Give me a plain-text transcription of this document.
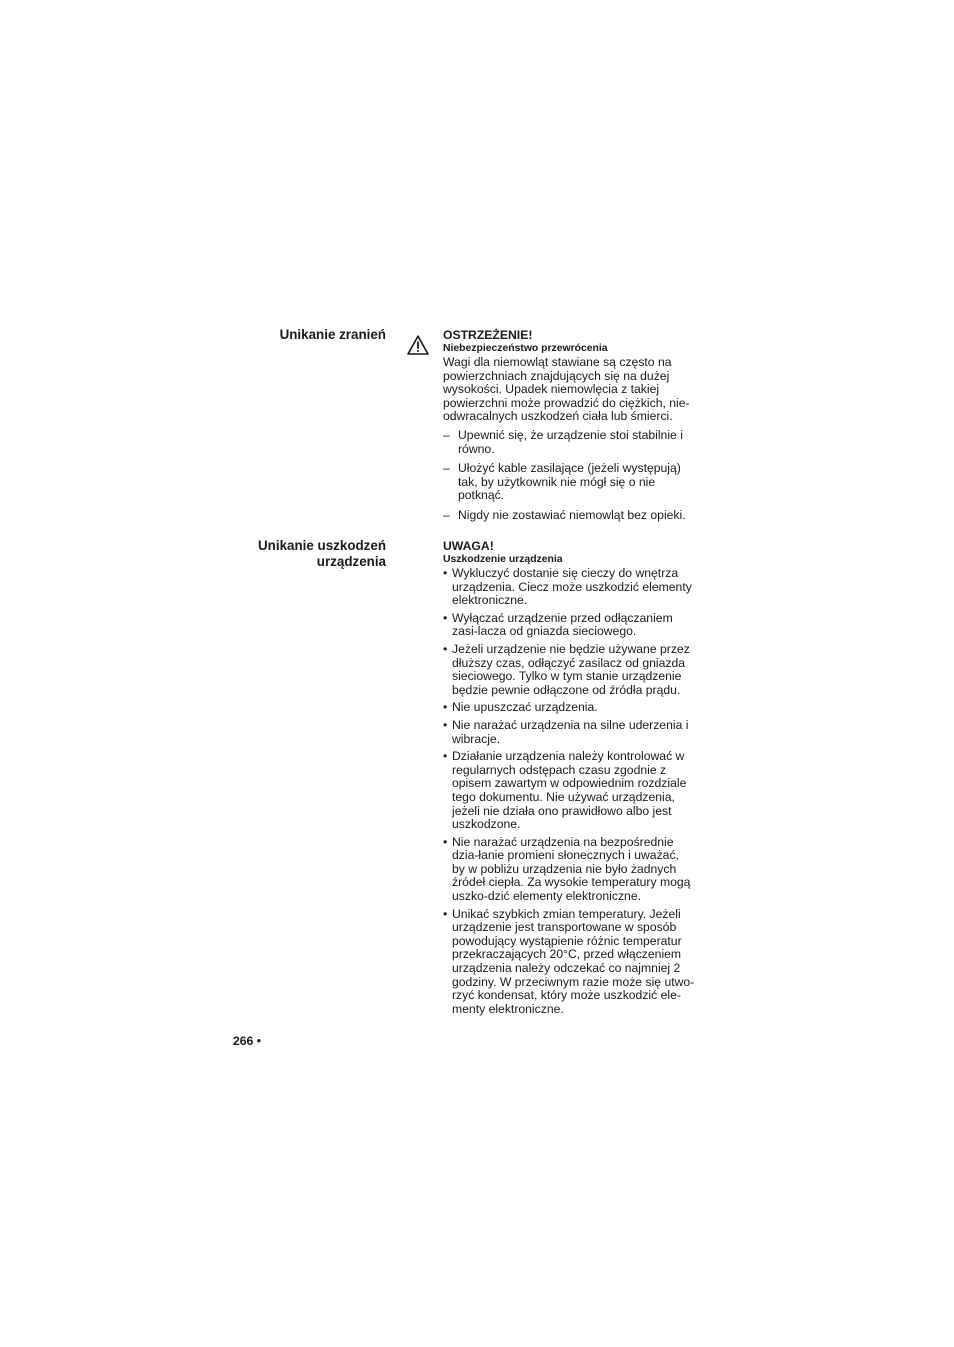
Unikanie zranień	OSTRZEŻENIE!
Niebezpieczeństwo przewrócenia

Wagi dla niemowląt stawiane są często na powierzchniach znajdujących się na dużej wysokości. Upadek niemowlęcia z takiej powierzchni może prowadzić do ciężkich, nie-odwracalnych uszkodzeń ciała lub śmierci.

– Upewnić się, że urządzenie stoi stabilnie i równo.
– Ułożyć kable zasilające (jeżeli występują) tak, by użytkownik nie mógł się o nie potknąć.
– Nigdy nie zostawiać niemowląt bez opieki.
Unikanie uszkodzeń urządzenia
UWAGA!
Uszkodzenie urządzenia
• Wykluczyć dostanie się cieczy do wnętrza urządzenia. Ciecz może uszkodzić elementy elektroniczne.
• Wyłączać urządzenie przed odłączaniem zasi-lacza od gniazda sieciowego.
• Jeżeli urządzenie nie będzie używane przez dłuższy czas, odłączyć zasilacz od gniazda sieciowego. Tylko w tym stanie urządzenie będzie pewnie odłączone od źródła prądu.
• Nie upuszczać urządzenia.
• Nie narażać urządzenia na silne uderzenia i wibracje.
• Działanie urządzenia należy kontrolować w regularnych odstępach czasu zgodnie z opisem zawartym w odpowiednim rozdziale tego dokumentu. Nie używać urządzenia, jeżeli nie działa ono prawidłowo albo jest uszkodzone.
• Nie narażać urządzenia na bezpośrednie dzia-łanie promieni słonecznych i uważać, by w pobliżu urządzenia nie było żadnych źródeł ciepła. Za wysokie temperatury mogą uszko-dzić elementy elektroniczne.
• Unikać szybkich zmian temperatury. Jeżeli urządzenie jest transportowane w sposób powodujący wystąpienie różnic temperatur przekraczających 20°C, przed włączeniem urządzenia należy odczekać co najmniej 2 godziny. W przeciwnym razie może się utwo-rzyć kondensat, który może uszkodzić ele-menty elektroniczne.
266 •
